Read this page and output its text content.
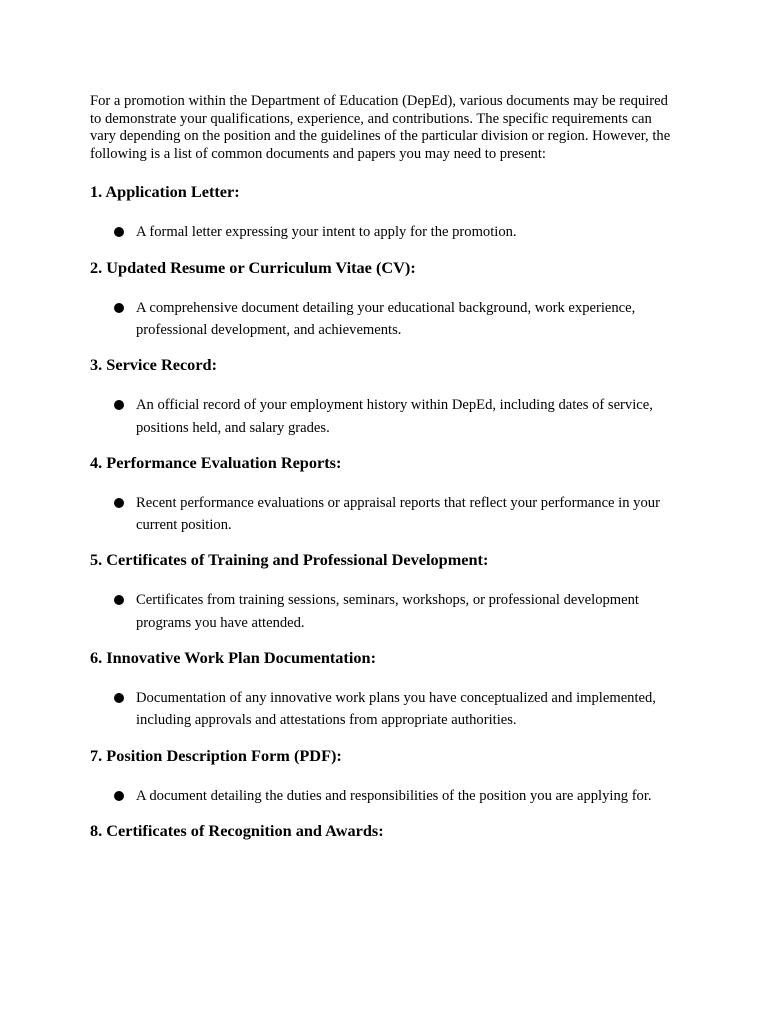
For a promotion within the Department of Education (DepEd), various documents may be required to demonstrate your qualifications, experience, and contributions. The specific requirements can vary depending on the position and the guidelines of the particular division or region. However, the following is a list of common documents and papers you may need to present:

1. Application Letter:
A formal letter expressing your intent to apply for the promotion.
2. Updated Resume or Curriculum Vitae (CV):
A comprehensive document detailing your educational background, work experience, professional development, and achievements.
3. Service Record:
An official record of your employment history within DepEd, including dates of service, positions held, and salary grades.
4. Performance Evaluation Reports:
Recent performance evaluations or appraisal reports that reflect your performance in your current position.
5. Certificates of Training and Professional Development:
Certificates from training sessions, seminars, workshops, or professional development programs you have attended.
6. Innovative Work Plan Documentation:
Documentation of any innovative work plans you have conceptualized and implemented, including approvals and attestations from appropriate authorities.
7. Position Description Form (PDF):
A document detailing the duties and responsibilities of the position you are applying for.
8. Certificates of Recognition and Awards:
